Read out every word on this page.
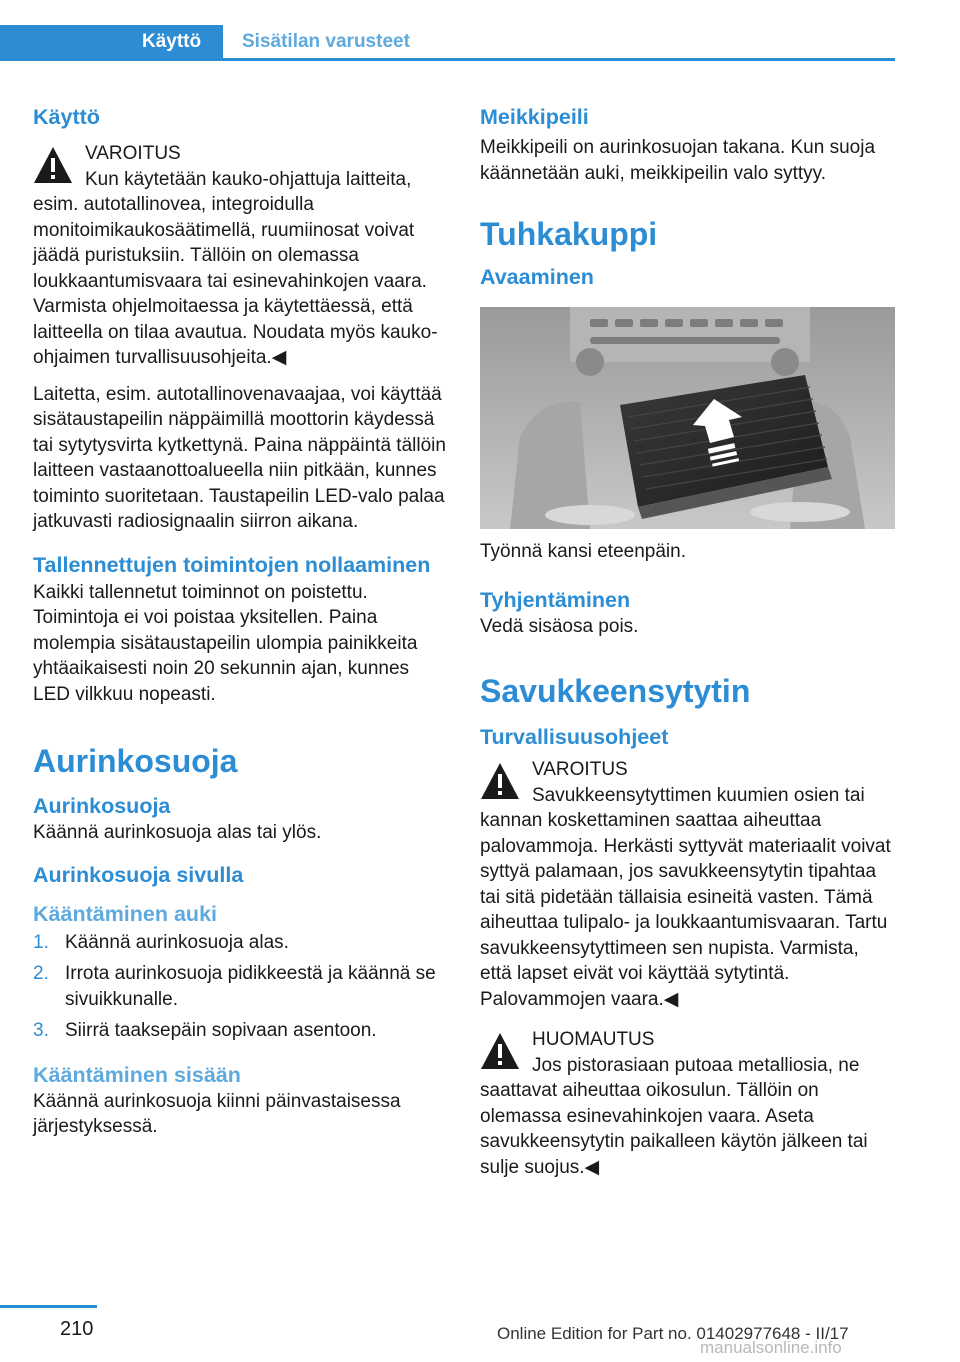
Käyttö	Sisätilan varusteet
Käyttö

VAROITUS

Kun käytetään kauko-ohjattuja laitteita, esim. autotallinovea, integroidulla monitoimikaukosäätimellä, ruumiinosat voivat jäädä puristuksiin. Tällöin on olemassa loukkaantumisvaara tai esinevahinkojen vaara. Varmista ohjelmoitaessa ja käytettäessä, että laitteella on tilaa avautua. Noudata myös kauko-ohjaimen turvallisuusohjeita.◀

Laitetta, esim. autotallinovenavaajaa, voi käyttää sisätaustapeilin näppäimillä moottorin käydessä tai sytytysvirta kytkettynä. Paina näppäintä tällöin laitteen vastaanottoalueella niin pitkään, kunnes toiminto suoritetaan. Taustapeilin LED-valo palaa jatkuvasti radiosignaalin siirron aikana.

Tallennettujen toimintojen nollaaminen

Kaikki tallennetut toiminnot on poistettu. Toimintoja ei voi poistaa yksitellen. Paina molempia sisätaustapeilin ulompia painikkeita yhtäaikaisesti noin 20 sekunnin ajan, kunnes LED vilkkuu nopeasti.

Aurinkosuoja
Aurinkosuoja

Käännä aurinkosuoja alas tai ylös.

Aurinkosuoja sivulla
Kääntäminen auki
1. Käännä aurinkosuoja alas.
2. Irrota aurinkosuoja pidikkeestä ja käännä se sivuikkunalle.
3. Siirrä taaksepäin sopivaan asentoon.
Kääntäminen sisään

Käännä aurinkosuoja kiinni päinvastaisessa järjestyksessä.

Meikkipeili

Meikkipeili on aurinkosuojan takana. Kun suoja käännetään auki, meikkipeilin valo syttyy.

Tuhkakuppi
Avaaminen

Työnnä kansi eteenpäin.

Tyhjentäminen

Vedä sisäosa pois.

Savukkeensytytin
Turvallisuusohjeet

VAROITUS

Savukkeensytyttimen kuumien osien tai kannan koskettaminen saattaa aiheuttaa palovammoja. Herkästi syttyvät materiaalit voivat syttyä palamaan, jos savukkeensytytin tipahtaa tai sitä pidetään tällaisia esineitä vasten. Tämä aiheuttaa tulipalo- ja loukkaantumisvaaran. Tartu savukkeensytyttimeen sen nupista. Varmista, että lapset eivät voi käyttää sytytintä. Palovammojen vaara.◀

HUOMAUTUS

Jos pistorasiaan putoaa metalliosia, ne saattavat aiheuttaa oikosulun. Tällöin on olemassa esinevahinkojen vaara. Aseta savukkeensytytin paikalleen käytön jälkeen tai sulje suojus.◀

210	Online Edition for Part no. 01402977648 - II/17
manualsonline.info
